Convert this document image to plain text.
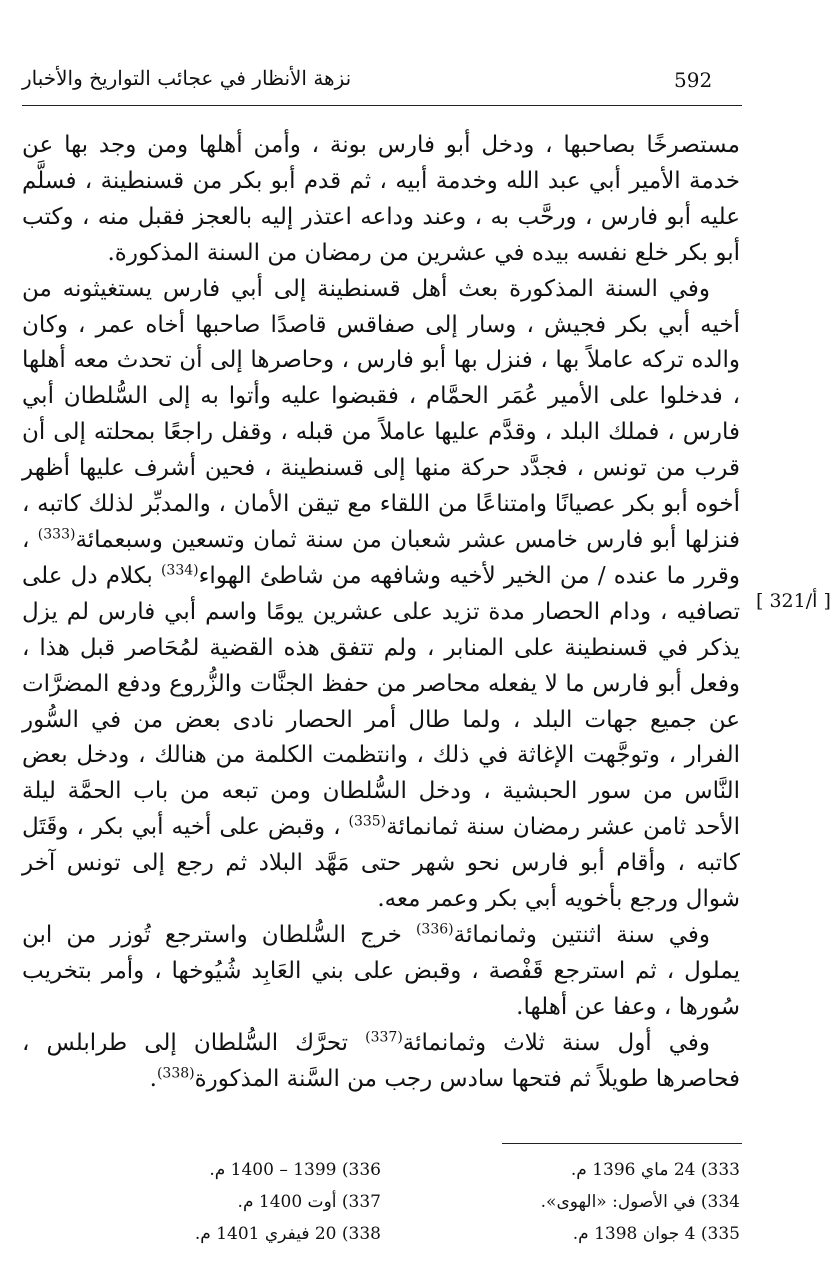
592
نزهة الأنظار في عجائب التواريخ والأخبار

مستصرخًا بصاحبها ، ودخل أبو فارس بونة ، وأمن أهلها ومن وجد بها عن خدمة الأمير أبي عبد الله وخدمة أبيه ، ثم قدم أبو بكر من قسنطينة ، فسلَّم عليه أبو فارس ، ورحَّب به ، وعند وداعه اعتذر إليه بالعجز فقبل منه ، وكتب أبو بكر خلع نفسه بيده في عشرين من رمضان من السنة المذكورة.

وفي السنة المذكورة بعث أهل قسنطينة إلى أبي فارس يستغيثونه من أخيه أبي بكر فجيش ، وسار إلى صفاقس قاصدًا صاحبها أخاه عمر ، وكان والده تركه عاملاً بها ، فنزل بها أبو فارس ، وحاصرها إلى أن تحدث معه أهلها ، فدخلوا على الأمير عُمَر الحمَّام ، فقبضوا عليه وأتوا به إلى السُّلطان أبي فارس ، فملك البلد ، وقدَّم عليها عاملاً من قبله ، وقفل راجعًا بمحلته إلى أن قرب من تونس ، فجدَّد حركة منها إلى قسنطينة ، فحين أشرف عليها أظهر أخوه أبو بكر عصيانًا وامتناعًا من اللقاء مع تيقن الأمان ، والمدبِّر لذلك كاتبه ، فنزلها أبو فارس خامس عشر شعبان من سنة ثمان وتسعين وسبعمائة$^{(333)}$ ، وقرر ما عنده / من الخير لأخيه وشافهه من شاطئ الهواء$^{(334)}$ بكلام دل على تصافيه ، ودام الحصار مدة تزيد على عشرين يومًا واسم أبي فارس لم يزل يذكر في قسنطينة على المنابر ، ولم تتفق هذه القضية لمُحَاصر قبل هذا ، وفعل أبو فارس ما لا يفعله محاصر من حفظ الجنَّات والزُّروع ودفع المضرَّات عن جميع جهات البلد ، ولما طال أمر الحصار نادى بعض من في السُّور الفرار ، وتوجَّهت الإغاثة في ذلك ، وانتظمت الكلمة من هنالك ، ودخل بعض النَّاس من سور الحبشية ، ودخل السُّلطان ومن تبعه من باب الحمَّة ليلة الأحد ثامن عشر رمضان سنة ثمانمائة$^{(335)}$ ، وقبض على أخيه أبي بكر ، وقَتَل كاتبه ، وأقام أبو فارس نحو شهر حتى مَهَّد البلاد ثم رجع إلى تونس آخر شوال ورجع بأخويه أبي بكر وعمر معه.

وفي سنة اثنتين وثمانمائة$^{(336)}$ خرج السُّلطان واسترجع تُوزر من ابن يملول ، ثم استرجع قَفْصة ، وقبض على بني العَابِد شُيُوخها ، وأمر بتخريب سُورها ، وعفا عن أهلها.

وفي أول سنة ثلاث وثمانمائة$^{(337)}$ تحرَّك السُّلطان إلى طرابلس ، فحاصرها طويلاً ثم فتحها سادس رجب من السَّنة المذكورة$^{(338)}$.

[ 321/أ ]
333) 24 ماي 1396 م.
336) 1399 – 1400 م.
334) في الأصول: «الهوى».
337) أوت 1400 م.
335) 4 جوان 1398 م.
338) 20 فيفري 1401 م.
